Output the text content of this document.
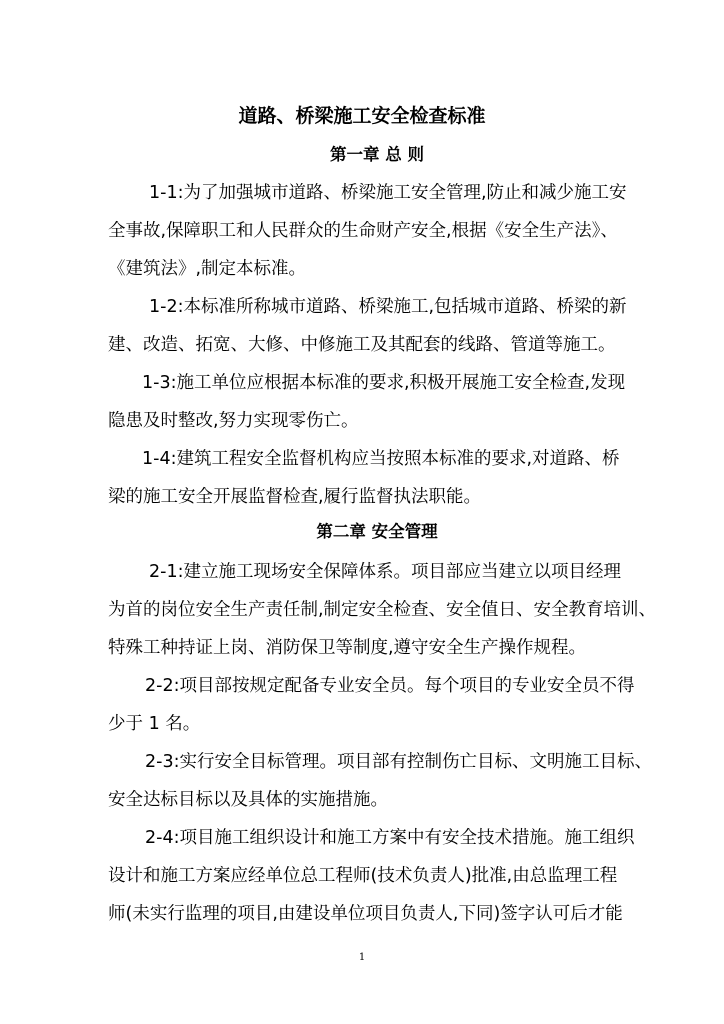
道路、桥梁施工安全检查标准
第一章 总 则
1-1:为了加强城市道路、桥梁施工安全管理,防止和减少施工安
全事故,保障职工和人民群众的生命财产安全,根据《安全生产法》、
《建筑法》,制定本标准。
1-2:本标准所称城市道路、桥梁施工,包括城市道路、桥梁的新
建、改造、拓宽、大修、中修施工及其配套的线路、管道等施工。
1-3:施工单位应根据本标准的要求,积极开展施工安全检查,发现
隐患及时整改,努力实现零伤亡。
1-4:建筑工程安全监督机构应当按照本标准的要求,对道路、桥
梁的施工安全开展监督检查,履行监督执法职能。
第二章 安全管理
2-1:建立施工现场安全保障体系。项目部应当建立以项目经理
为首的岗位安全生产责任制,制定安全检查、安全值日、安全教育培训、
特殊工种持证上岗、消防保卫等制度,遵守安全生产操作规程。
2-2:项目部按规定配备专业安全员。每个项目的专业安全员不得
少于 1 名。
2-3:实行安全目标管理。项目部有控制伤亡目标、文明施工目标、
安全达标目标以及具体的实施措施。
2-4:项目施工组织设计和施工方案中有安全技术措施。施工组织
设计和施工方案应经单位总工程师(技术负责人)批准,由总监理工程
师(未实行监理的项目,由建设单位项目负责人,下同)签字认可后才能
1
